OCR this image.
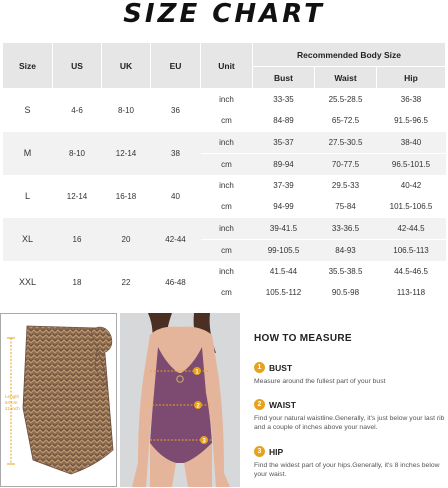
SIZE CHART
Size	US	UK	EU	Unit	Recommended Body Size		
					Bust	Waist	Hip
S	4-6	8-10	36	inch	33-35	25.5-28.5	36-38
				cm	84-89	65-72.5	91.5-96.5
M	8-10	12-14	38	inch	35-37	27.5-30.5	38-40
				cm	89-94	70-77.5	96.5-101.5
L	12-14	16-18	40	inch	37-39	29.5-33	40-42
				cm	94-99	75-84	101.5-106.5
XL	16	20	42-44	inch	39-41.5	33-36.5	42-44.5
				cm	99-105.5	84-93	106.5-113
XXL	18	22	46-48	inch	41.5-44	35.5-38.5	44.5-46.5
				cm	105.5-112	90.5-98	113-118
Length
54 cm
21 inch
1
2
3
HOW TO MEASURE
1 BUST
Measure around the fullest part of your bust
2 WAIST
Find your natural waistline.Generally, it's just below your last rib and a couple of inches above your navel.
3 HIP
Find the widest part of your hips.Generally, it's 8 inches below your waist.
